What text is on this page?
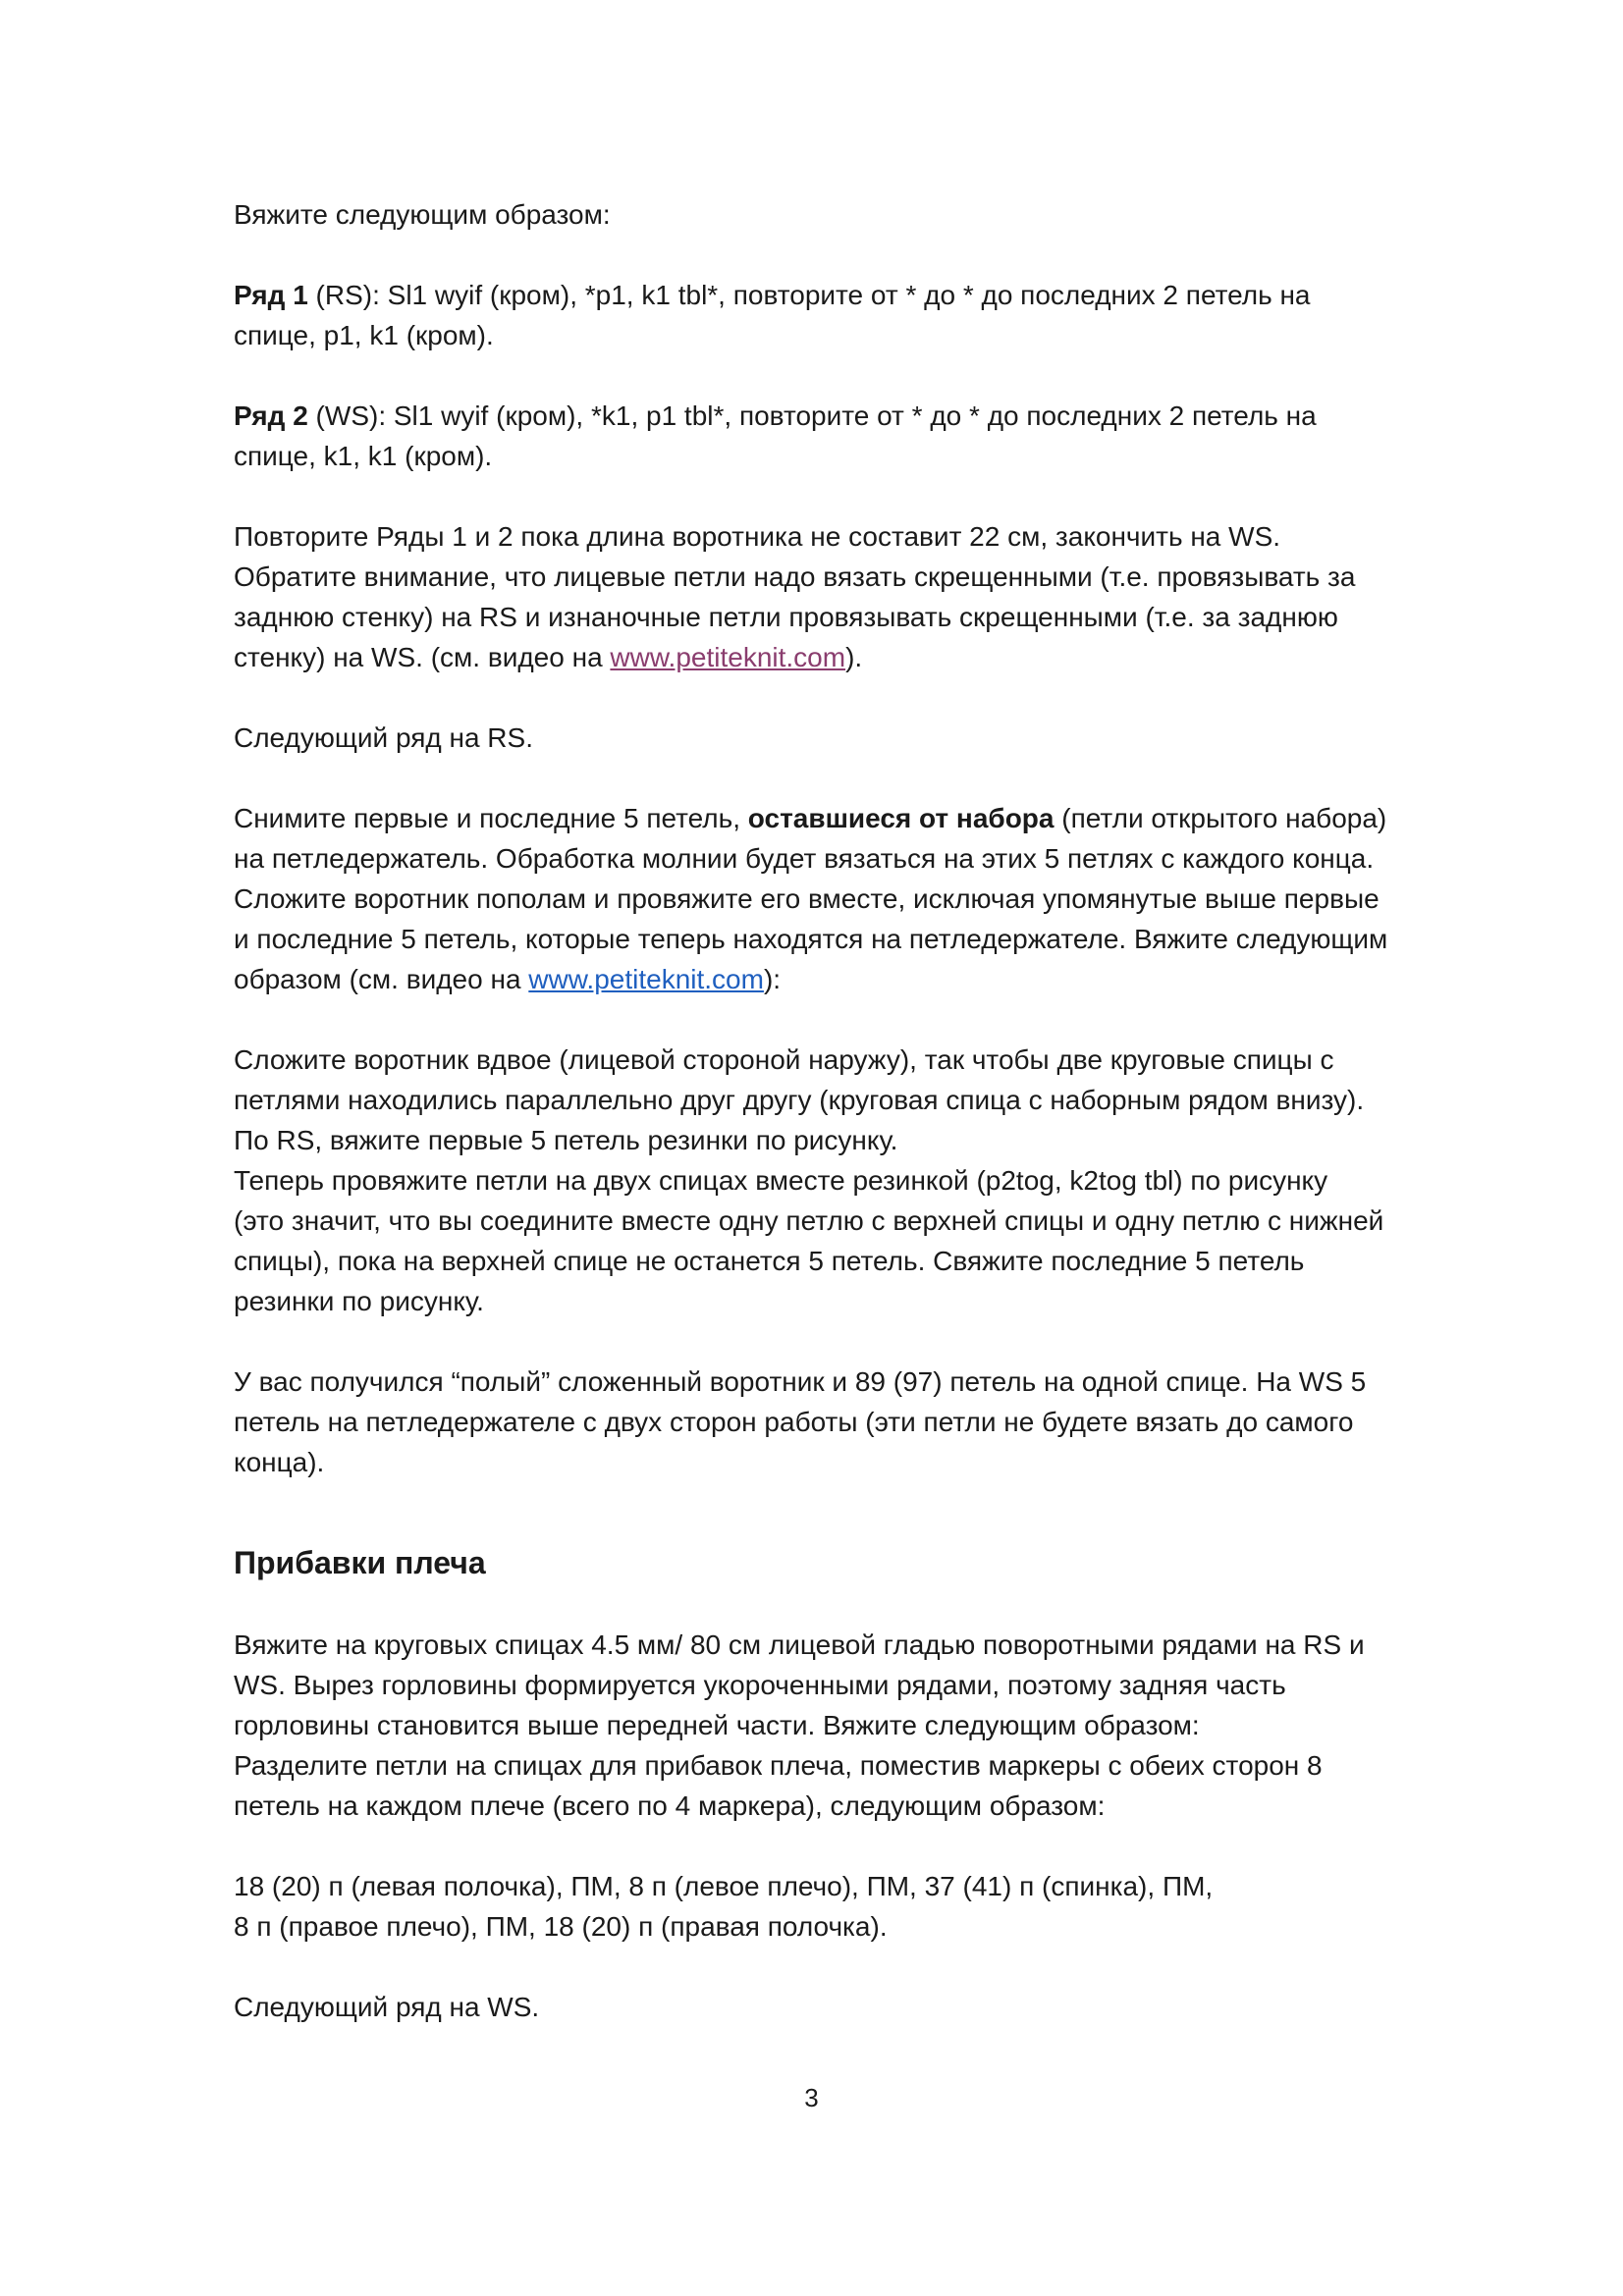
Вяжите следующим образом:

Ряд 1 (RS): Sl1 wyif (кром), *p1, k1 tbl*, повторите от * до * до последних 2 петель на
спице, p1, k1 (кром).

Ряд 2 (WS): Sl1 wyif (кром), *k1, p1 tbl*, повторите от * до * до последних 2 петель на
спице, k1, k1 (кром).

Повторите Ряды 1 и 2 пока длина воротника не составит 22 см, закончить на WS.
Обратите внимание, что лицевые петли надо вязать скрещенными (т.е. провязывать за
заднюю стенку) на RS и изнаночные петли провязывать скрещенными (т.е. за заднюю
стенку) на WS. (см. видео на www.petiteknit.com).

Следующий ряд на RS.

Снимите первые и последние 5 петель, оставшиеся от набора (петли открытого набора)
на петледержатель. Обработка молнии будет вязаться на этих 5 петлях с каждого конца.
Сложите воротник пополам и провяжите его вместе, исключая упомянутые выше первые
и последние 5 петель, которые теперь находятся на петледержателе. Вяжите следующим
образом (см. видео на www.petiteknit.com):

Сложите воротник вдвое (лицевой стороной наружу), так чтобы две круговые спицы с
петлями находились параллельно друг другу (круговая спица с наборным рядом внизу).
По RS, вяжите первые 5 петель резинки по рисунку.
Теперь провяжите петли на двух спицах вместе резинкой (p2tog, k2tog tbl) по рисунку
(это значит, что вы соедините вместе одну петлю с верхней спицы и одну петлю с нижней
спицы), пока на верхней спице не останется 5 петель. Свяжите последние 5 петель
резинки по рисунку.

У вас получился “полый” сложенный воротник и 89 (97) петель на одной спице. На WS 5
петель на петледержателе с двух сторон работы (эти петли не будете вязать до самого
конца).

Прибавки плеча

Вяжите на круговых спицах 4.5 мм/ 80 см лицевой гладью поворотными рядами на RS и
WS. Вырез горловины формируется укороченными рядами, поэтому задняя часть
горловины становится выше передней части. Вяжите следующим образом:
Разделите петли на спицах для прибавок плеча, поместив маркеры с обеих сторон 8
петель на каждом плече (всего по 4 маркера), следующим образом:

18 (20) п (левая полочка), ПМ, 8 п (левое плечо), ПМ, 37 (41) п (спинка), ПМ,
8 п (правое плечо), ПМ, 18 (20) п (правая полочка).

Следующий ряд на WS.

3
